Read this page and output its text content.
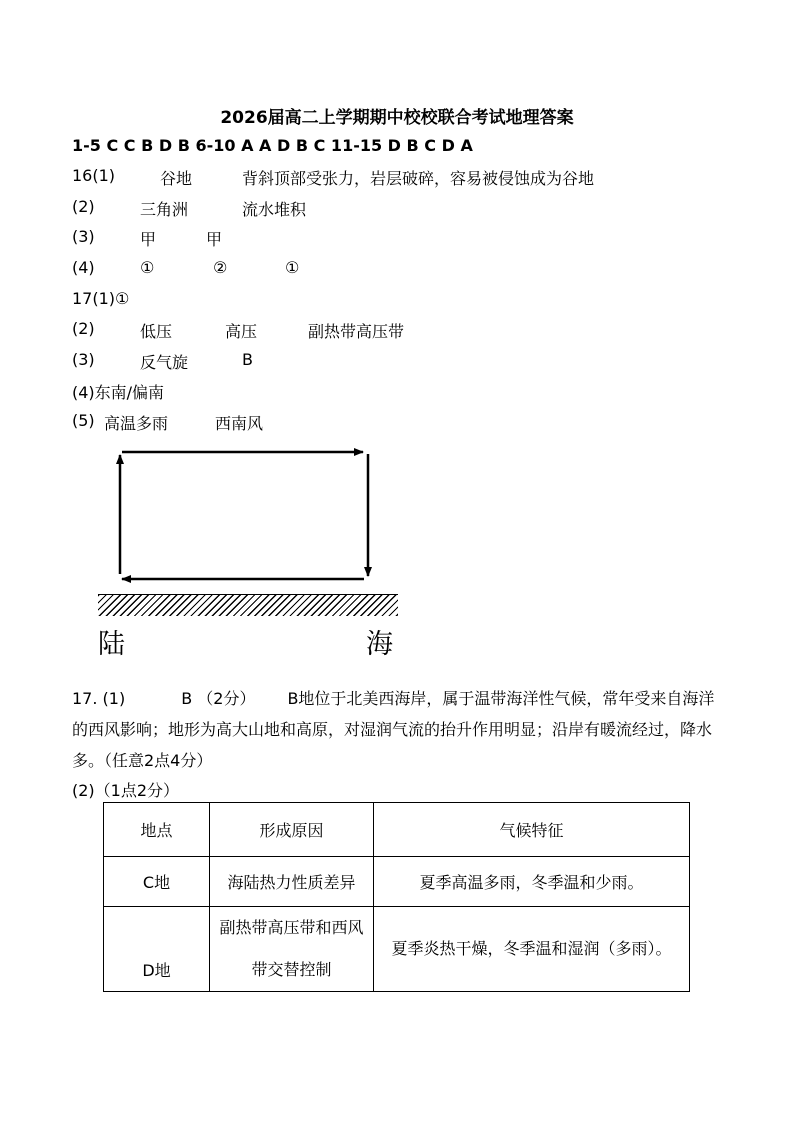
2026届高二上学期期中校校联合考试地理答案
1-5 C C B D B 6-10 A A D B C 11-15 D B C D A
16(1)	谷地	背斜顶部受张力，岩层破碎，容易被侵蚀成为谷地
(2)	三角洲	流水堆积
(3)	甲	甲
(4)	①	②	①
17(1)①
(2)	低压	高压	副热带高压带
(3)	反气旋	B
(4)东南/偏南
(5) 高温多雨	西南风
陆	海
17. (1)	B （2分） B地位于北美西海岸，属于温带海洋性气候，常年受来自海洋的西风影响；地形为高大山地和高原，对湿润气流的抬升作用明显；沿岸有暖流经过，降水多。（任意2点4分）
(2)（1点2分）
地点	形成原因	气候特征
C地	海陆热力性质差异	夏季高温多雨，冬季温和少雨。
D地	副热带高压带和西风带交替控制	夏季炎热干燥，冬季温和湿润（多雨）。
